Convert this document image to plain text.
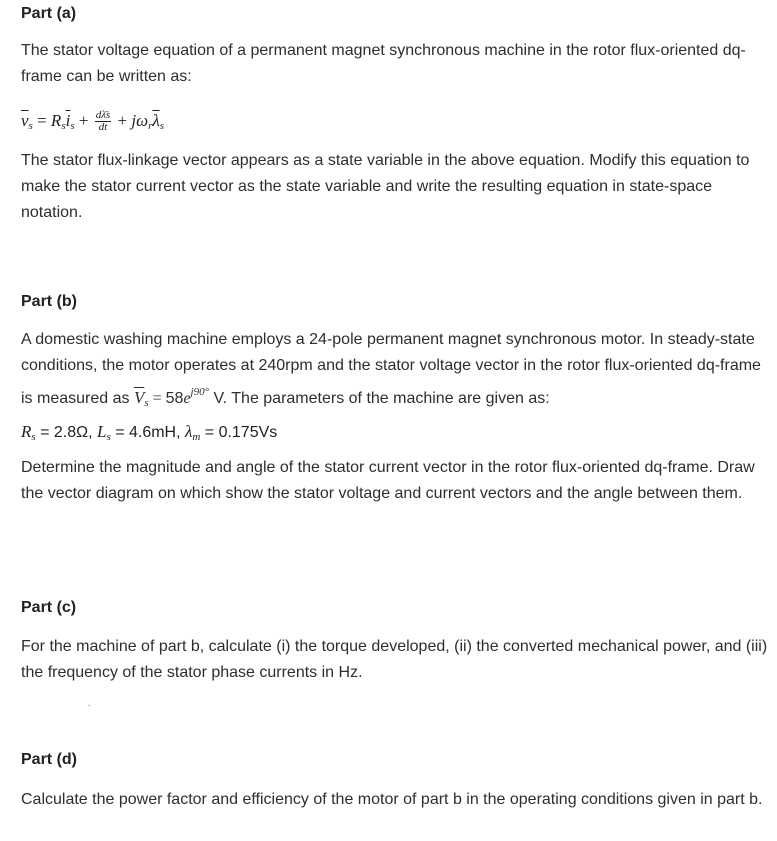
Part (a)
The stator voltage equation of a permanent magnet synchronous machine in the rotor flux-oriented dq-frame can be written as:
$\overline{v}_s = R_s\overline{i}_s + \frac{d\lambdās}{dt} + j\omega_r\overline{\lambda}_s$
The stator flux-linkage vector appears as a state variable in the above equation. Modify this equation to make the stator current vector as the state variable and write the resulting equation in state-space notation.
Part (b)
A domestic washing machine employs a 24-pole permanent magnet synchronous motor. In steady-state conditions, the motor operates at 240rpm and the stator voltage vector in the rotor flux-oriented dq-frame is measured as $\overline{V}_s = 58e^{j90^\circ}$ V. The parameters of the machine are given as:
$R_s = 2.8\Omega$, $L_s = 4.6mH$, $\lambda_m = 0.175Vs$
Determine the magnitude and angle of the stator current vector in the rotor flux-oriented dq-frame. Draw the vector diagram on which show the stator voltage and current vectors and the angle between them.
Part (c)
For the machine of part b, calculate (i) the torque developed, (ii) the converted mechanical power, and (iii) the frequency of the stator phase currents in Hz.
Part (d)
Calculate the power factor and efficiency of the motor of part b in the operating conditions given in part b.
